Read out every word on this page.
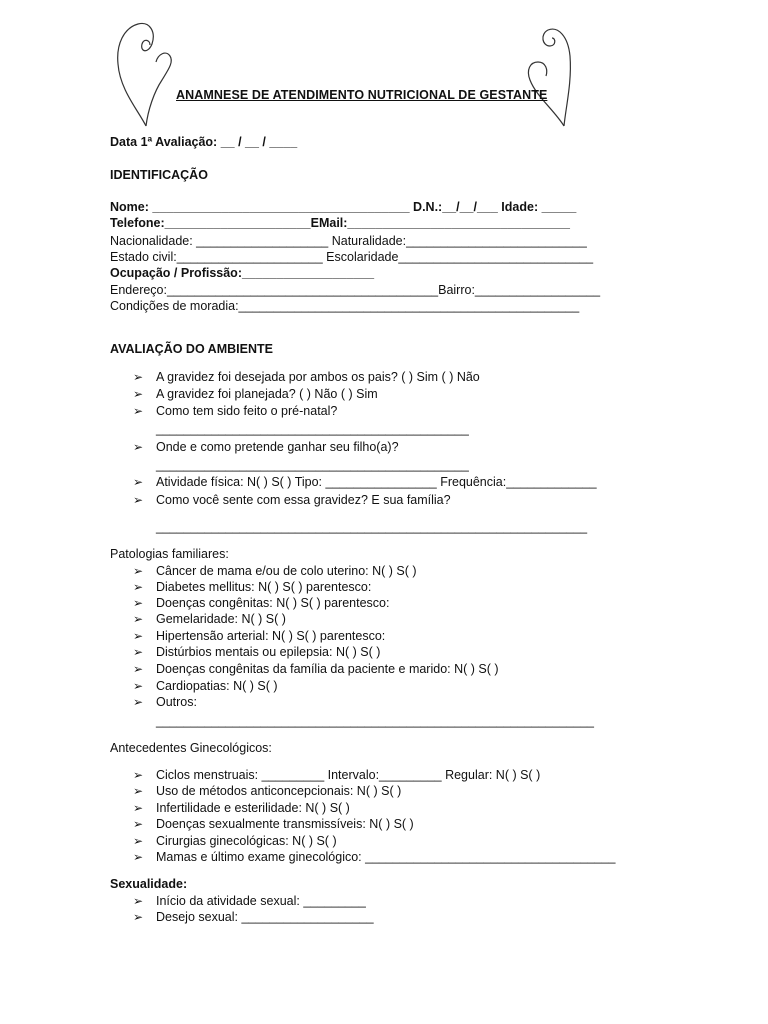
ANAMNESE DE ATENDIMENTO NUTRICIONAL DE GESTANTE
Data 1ª Avaliação: __ / __ / ____
IDENTIFICAÇÃO
Nome: _____________________________________ D.N.:__/__/___ Idade: _____
Telefone:_____________________EMail:________________________________
Nacionalidade: ___________________ Naturalidade:__________________________
Estado civil:_____________________ Escolaridade____________________________
Ocupação / Profissão:___________________
Endereço:_______________________________________Bairro:__________________
Condições de moradia:_________________________________________________
AVALIAÇÃO DO AMBIENTE
➢ A gravidez foi desejada por ambos os pais? ( ) Sim ( ) Não
➢ A gravidez foi planejada? ( ) Não ( ) Sim
➢ Como tem sido feito o pré-natal?
_____________________________________________
➢ Onde e como pretende ganhar seu filho(a)?
_____________________________________________
➢ Atividade física: N( ) S( ) Tipo: ________________ Frequência:_____________
➢ Como você sente com essa gravidez? E sua família?
______________________________________________________________
Patologias familiares:
➢ Câncer de mama e/ou de colo uterino: N( ) S( )
➢ Diabetes mellitus: N( ) S( ) parentesco:
➢ Doenças congênitas: N( ) S( ) parentesco:
➢ Gemelaridade: N( ) S( )
➢ Hipertensão arterial: N( ) S( ) parentesco:
➢ Distúrbios mentais ou epilepsia: N( ) S( )
➢ Doenças congênitas da família da paciente e marido: N( ) S( )
➢ Cardiopatias: N( ) S( )
➢ Outros:
_______________________________________________________________
Antecedentes Ginecológicos:
➢ Ciclos menstruais: _________ Intervalo:_________ Regular: N( ) S( )
➢ Uso de métodos anticoncepcionais: N( ) S( )
➢ Infertilidade e esterilidade: N( ) S( )
➢ Doenças sexualmente transmissíveis: N( ) S( )
➢ Cirurgias ginecológicas: N( ) S( )
➢ Mamas e último exame ginecológico: ____________________________________
Sexualidade:
➢ Início da atividade sexual: _________
➢ Desejo sexual: ___________________
